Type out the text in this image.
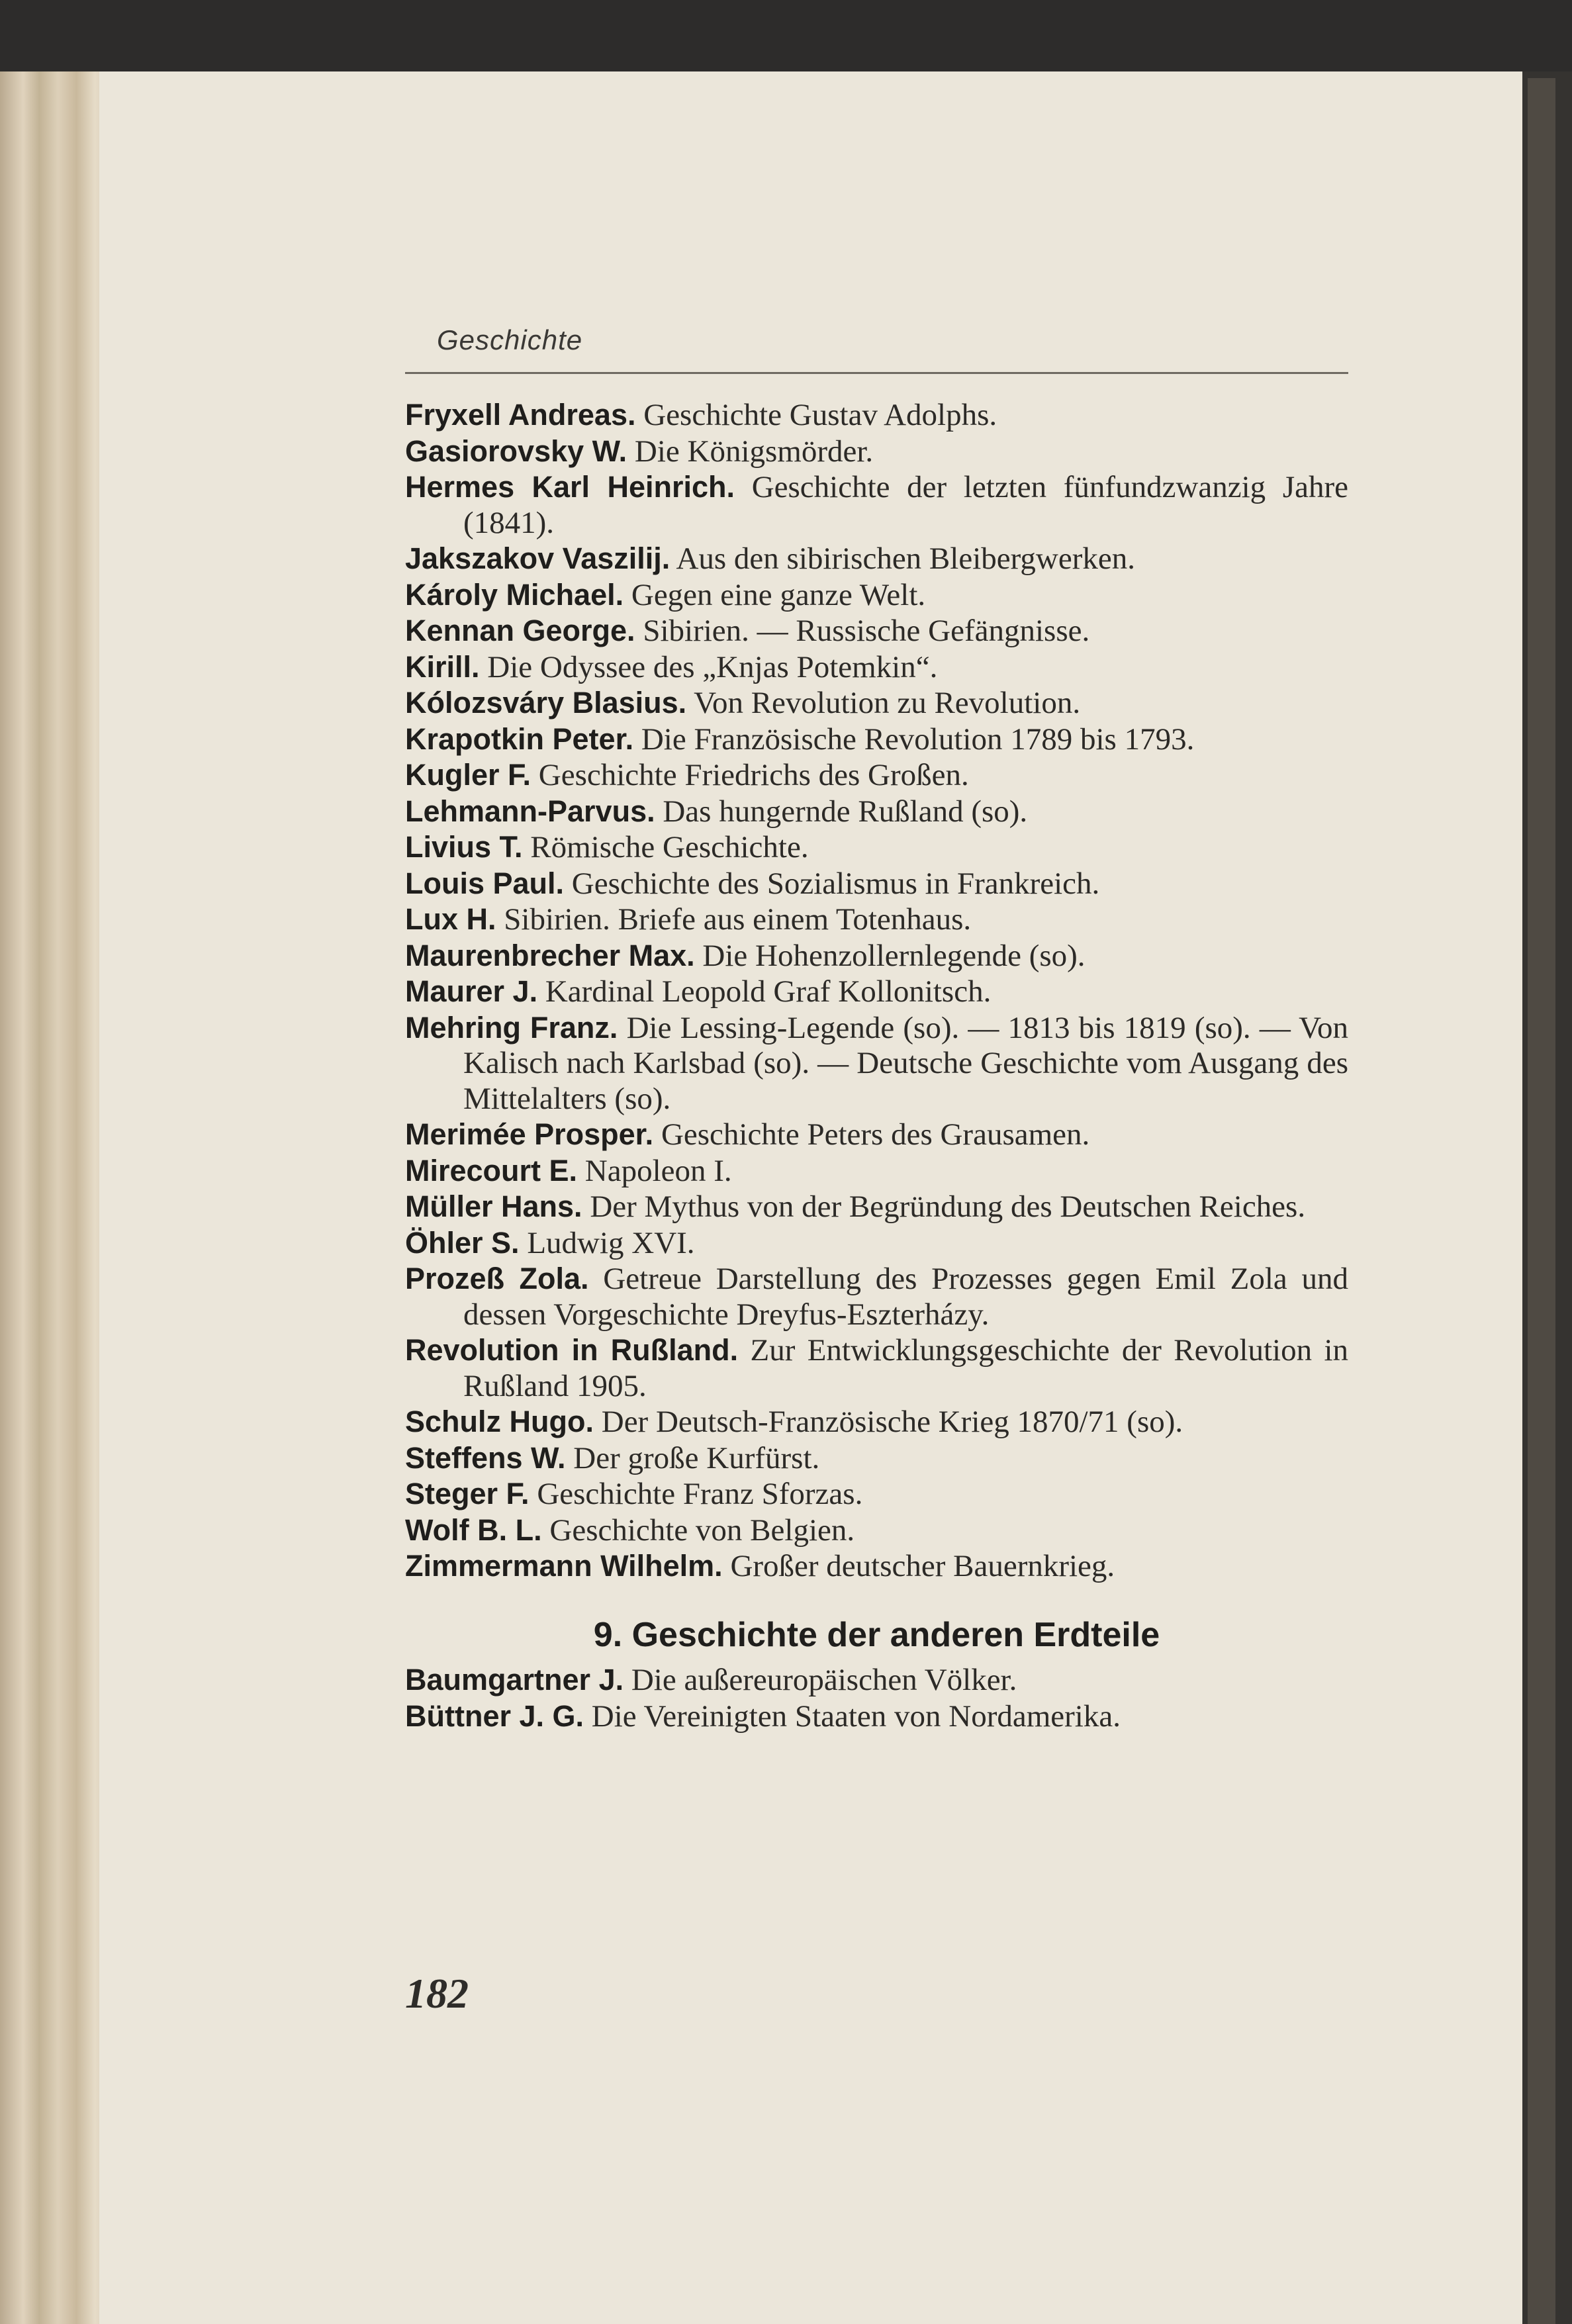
Geschichte
Fryxell Andreas. Geschichte Gustav Adolphs.
Gasiorovsky W. Die Königsmörder.
Hermes Karl Heinrich. Geschichte der letzten fünfundzwanzig Jahre (1841).
Jakszakov Vaszilij. Aus den sibirischen Bleibergwerken.
Károly Michael. Gegen eine ganze Welt.
Kennan George. Sibirien. — Russische Gefängnisse.
Kirill. Die Odyssee des „Knjas Potemkin“.
Kólozsváry Blasius. Von Revolution zu Revolution.
Krapotkin Peter. Die Französische Revolution 1789 bis 1793.
Kugler F. Geschichte Friedrichs des Großen.
Lehmann-Parvus. Das hungernde Rußland (so).
Livius T. Römische Geschichte.
Louis Paul. Geschichte des Sozialismus in Frankreich.
Lux H. Sibirien. Briefe aus einem Totenhaus.
Maurenbrecher Max. Die Hohenzollernlegende (so).
Maurer J. Kardinal Leopold Graf Kollonitsch.
Mehring Franz. Die Lessing-Legende (so). — 1813 bis 1819 (so). — Von Kalisch nach Karlsbad (so). — Deutsche Geschichte vom Ausgang des Mittelalters (so).
Merimée Prosper. Geschichte Peters des Grausamen.
Mirecourt E. Napoleon I.
Müller Hans. Der Mythus von der Begründung des Deutschen Reiches.
Öhler S. Ludwig XVI.
Prozeß Zola. Getreue Darstellung des Prozesses gegen Emil Zola und dessen Vorgeschichte Dreyfus-Eszterházy.
Revolution in Rußland. Zur Entwicklungsgeschichte der Revolution in Rußland 1905.
Schulz Hugo. Der Deutsch-Französische Krieg 1870/71 (so).
Steffens W. Der große Kurfürst.
Steger F. Geschichte Franz Sforzas.
Wolf B. L. Geschichte von Belgien.
Zimmermann Wilhelm. Großer deutscher Bauernkrieg.
9. Geschichte der anderen Erdteile
Baumgartner J. Die außereuropäischen Völker.
Büttner J. G. Die Vereinigten Staaten von Nordamerika.
182
